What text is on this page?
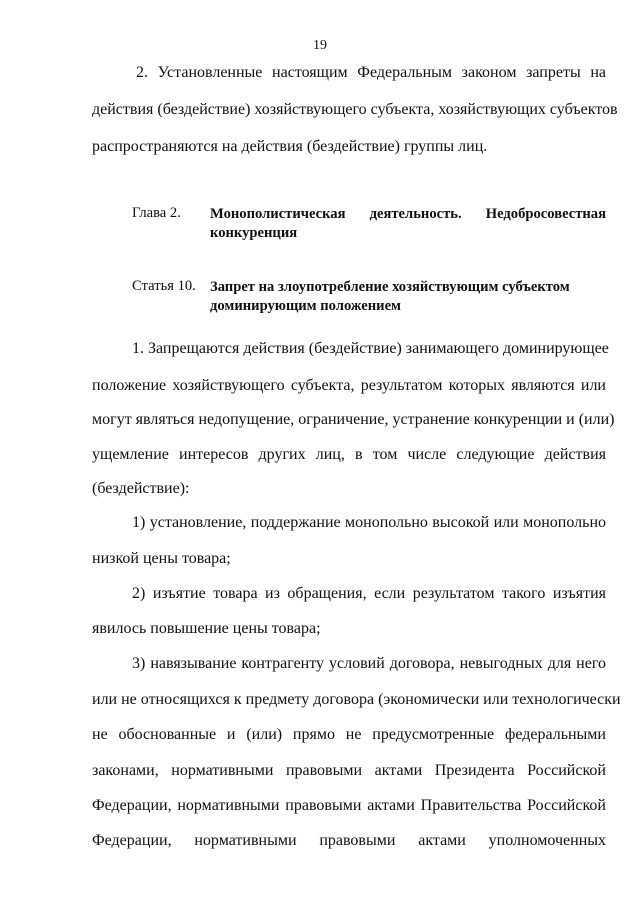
19
2. Установленные настоящим Федеральным законом запреты на
действия (бездействие) хозяйствующего субъекта, хозяйствующих субъектов
распространяются на действия (бездействие) группы лиц.
Глава 2. Монополистическая деятельность. Недобросовестная
конкуренция
Статья 10. Запрет на злоупотребление хозяйствующим субъектом
доминирующим положением
1. Запрещаются действия (бездействие) занимающего доминирующее
положение хозяйствующего субъекта, результатом которых являются или
могут являться недопущение, ограничение, устранение конкуренции и (или)
ущемление интересов других лиц, в том числе следующие действия
(бездействие):
1) установление, поддержание монопольно высокой или монопольно
низкой цены товара;
2) изъятие товара из обращения, если результатом такого изъятия
явилось повышение цены товара;
3) навязывание контрагенту условий договора, невыгодных для него
или не относящихся к предмету договора (экономически или технологически
не обоснованные и (или) прямо не предусмотренные федеральными
законами, нормативными правовыми актами Президента Российской
Федерации, нормативными правовыми актами Правительства Российской
Федерации, нормативными правовыми актами уполномоченных
